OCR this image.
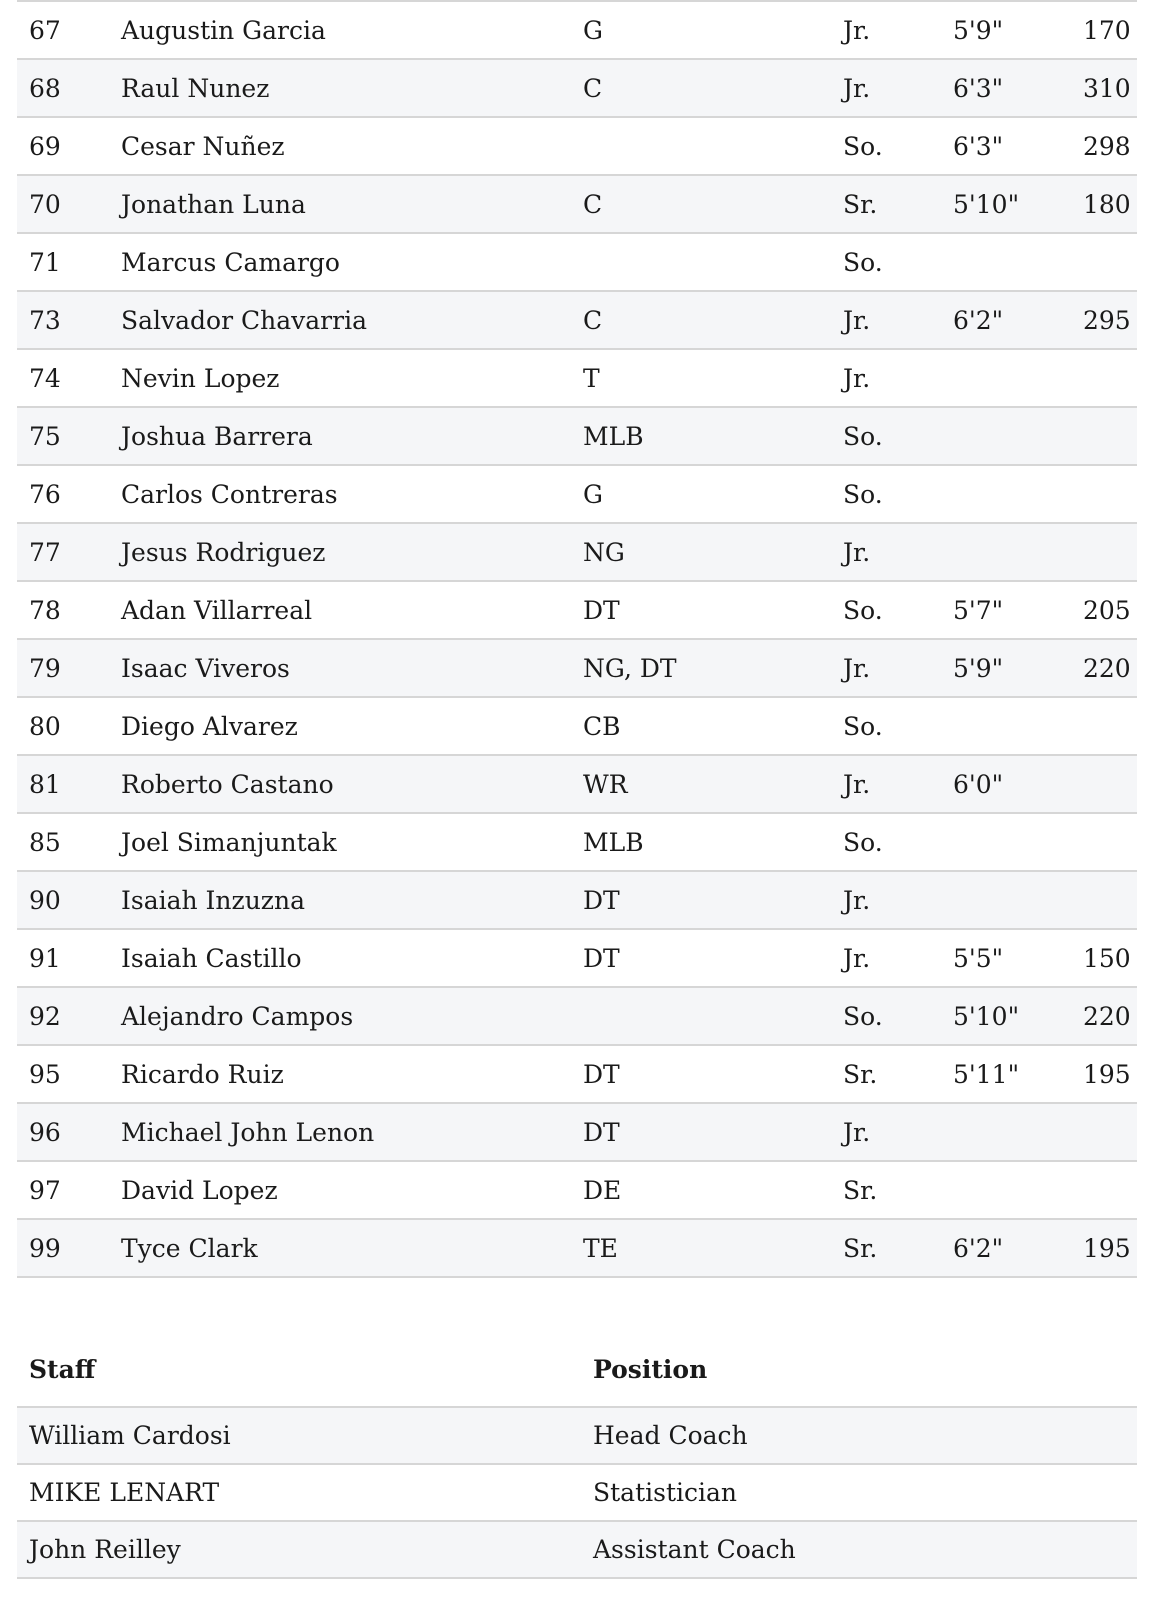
67	Augustin Garcia	G	Jr.	5'9"	170
68	Raul Nunez	C	Jr.	6'3"	310
69	Cesar Nuñez		So.	6'3"	298
70	Jonathan Luna	C	Sr.	5'10"	180
71	Marcus Camargo		So.		
73	Salvador Chavarria	C	Jr.	6'2"	295
74	Nevin Lopez	T	Jr.		
75	Joshua Barrera	MLB	So.		
76	Carlos Contreras	G	So.		
77	Jesus Rodriguez	NG	Jr.		
78	Adan Villarreal	DT	So.	5'7"	205
79	Isaac Viveros	NG, DT	Jr.	5'9"	220
80	Diego Alvarez	CB	So.		
81	Roberto Castano	WR	Jr.	6'0"	
85	Joel Simanjuntak	MLB	So.		
90	Isaiah Inzuzna	DT	Jr.		
91	Isaiah Castillo	DT	Jr.	5'5"	150
92	Alejandro Campos		So.	5'10"	220
95	Ricardo Ruiz	DT	Sr.	5'11"	195
96	Michael John Lenon	DT	Jr.		
97	David Lopez	DE	Sr.		
99	Tyce Clark	TE	Sr.	6'2"	195
Staff	Position
William Cardosi	Head Coach
MIKE LENART	Statistician
John Reilley	Assistant Coach
